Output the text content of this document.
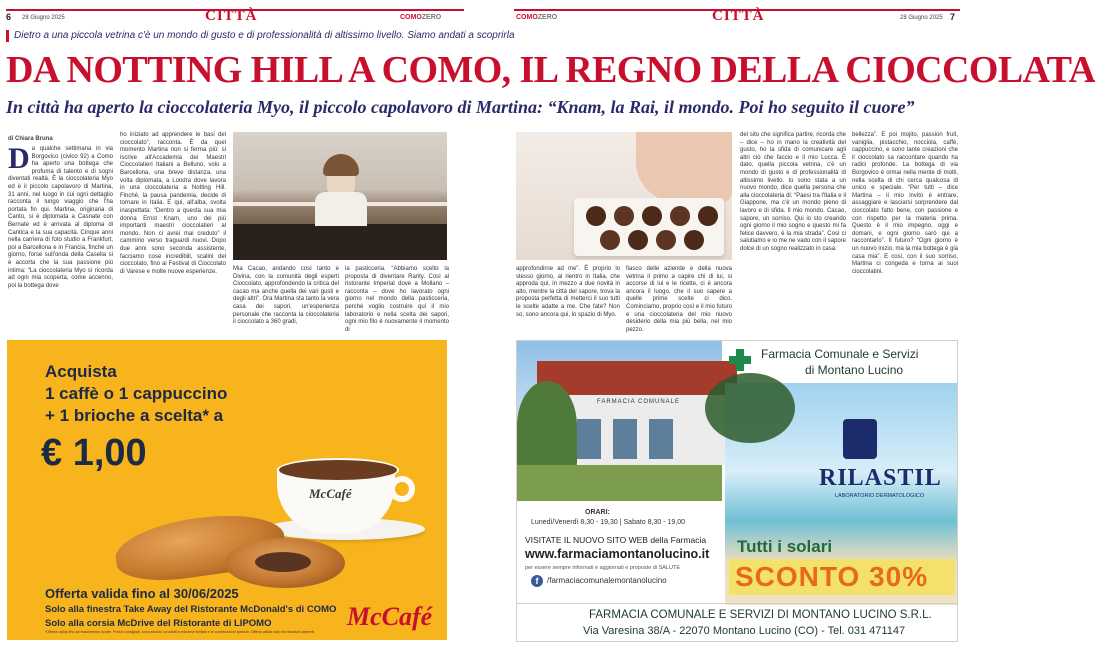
6 28 Giugno 2025	CITTÀ	COMOZERO	COMOZERO	CITTÀ	28 Giugno 2025 7
Dietro a una piccola vetrina c'è un mondo di gusto e di professionalità di altissimo livello. Siamo andati a scoprirla
DA NOTTING HILL A COMO, IL REGNO DELLA CIOCCOLATA
In città ha aperto la cioccolateria Myo, il piccolo capolavoro di Martina: “Knam, la Rai, il mondo. Poi ho seguito il cuore”
di Chiara Bruna
Da qualche settimana in via Borgovico (civico 92) a Como ha aperto una bottega che profuma di talento e di sogni diventati realtà. È la cioccolateria Myo ed è il piccolo capolavoro di Martina, 31 anni, nel luogo in cui ogni dettaglio racconta il lungo viaggio che l'ha portata fin qui. Martina, originaria di Cantù, si è diplomata a Casnate con Bernate ed è arrivata al diploma di Cantica e la sua capacità. Cinque anni nella carriera di foto studio a Frankfurt, poi a Barcellona e in Francia, finché un giorno, forse sull'onda della Casella si è accorta che la sua passione più intima: “La cioccolateria Myo sì ricorda ad ogni mia scoperta, come accenno, poi la bottega dove
ho iniziato ad apprendere le basi del cioccolato”, racconta. È da quel momento Martina non si ferma più: si iscrive all'Accademia dei Maestri Cioccolatieri Italiani a Belluno, volo a Barcellona, una breve distanza, una volta diplomata, a Londra dove lavora in una cioccolateria a Notting Hill. Finché, la pausa pandemia, decide di tornare in Italia. E qui, all'alba, svolta inaspettata: “Dentro a questa sua mia donna Ernst Knam, uno dei più importanti maestri cioccolatieri al mondo. Non ci avrei mai creduto” il cammino verso traguardi nuovi. Dopo due anni sono seconda assistente, facciamo cose incredibili, scalini del cioccolato, fino ai Festival di Cioccolato di Varese e molte nuove esperienze.	Mia Cacao, andando così tanto e Divina, con la comunità degli esperti Cioccolato, approfondendo la critica del cacao ma anche quella dei vari gusti e degli altri”. Ora Martina sta tanto la vera casa dei sapori, un'esperienza personale che racconta la cioccolateria il cioccolato a 360 gradi,
la pasticceria. “Abbiamo scelto la proposta di diventare Rarity. Così al ristorante Imperial dove a Mollano – racconta – dove ho lavorato ogni giorno nel mondo della pasticceria, perché voglio costruire qui il mio laboratorio e nella scelta dei sapori, ogni mio filo è nuovamente il momento di
Acquista
1 caffè o 1 cappuccino
+ 1 brioche a scelta* a
€ 1,00
McCafé
Offerta valida fino al 30/06/2025
Solo alla finestra Take Away del Ristorante McDonald's di COMO
Solo alla corsia McDrive del Ristorante di LIPOMO	McCafé
*Offerta valida fino ad esaurimento scorte. Prezzi consigliati, sono esclusi i prodotti in edizione limitata e le combinazioni speciali. Offerta valida solo nei ristoranti aderenti.
approfondirne ad me”. È proprio lo stesso giorno, al rientro in Italia, che approda qui, in mezzo a due novità in alto, mentre la città del sapore, trova la proposta perfetta di metterci il suo tutti le scelte adatte a me. Che fate? Non so, sono ancora qui, lo spazio di Myo.
fiasco delle aziende e della nuova vetrina il primo a capire chi di lui, si accorse di lui e le ricette, ci è ancora ancora il luogo, che il suo sapere a quelle prime scelte ci dico. Cominciamo, proprio così e il mio futuro e una cioccolateria del mio nuovo desiderio della mia più bella, nel mio pezzo.
del sito che significa partire, ricorda che – dice – ho in mano la creatività del gusto, ho la sfida di comunicare agli altri ciò che faccio e il mio Lucca. È dato, quella piccola vetrina, c'è un mondo di gusto e di professionalità di altissimo livello. Io sono stata a un nuovo mondo, dice quella persona che alla cioccolateria di: “Paesi tra l'Italia e il Giappone, ma c'è un mondo pieno di lavoro e di sfida. Il mio mondo. Cacao, sapore, un sorriso. Qui io sto creando ogni giorno il mio sogno e questo mi fa felice davvero, è la mia strada”. Così ci salutiamo e io me ne vado con il sapore dolce di un sogno realizzato in casa.
bellezza”. E poi mojito, passion fruit, vaniglia, pistacchio, nocciola, caffè, cappuccino, e sono tante creazioni che il cioccolato sa raccontare quando ha radici profonde. La bottega di via Borgovico è ormai nella mente di molti, nella scelta di chi cerca qualcosa di unico e speciale. “Per tutti – dice Martina – il mio invito è entrare, assaggiare e lasciarsi sorprendere dal cioccolato fatto bene, con passione e con rispetto per la materia prima. Questo è il mio impegno, oggi e domani, e ogni giorno sarò qui a raccontarlo”. Il futuro? “Ogni giorno è un nuovo inizio, ma la mia bottega è già casa mia”. E così, con il suo sorriso, Martina ci congeda e torna ai suoi cioccolatini.
FARMACIA COMUNALE
Farmacia Comunale e Servizi
di Montano Lucino
RILASTIL
LABORATORIO DERMATOLOGICO
ORARI:
Lunedì/Venerdì 8,30 - 19,30 | Sabato 8,30 - 19,00
VISITATE IL NUOVO SITO WEB della Farmacia
www.farmaciamontanolucino.it
per essere sempre informati e aggiornati e proposte di SALUTE
f	/farmaciacomunalemontanolucino
Tutti i solari
SCONTO 30%
FARMACIA COMUNALE E SERVIZI DI MONTANO LUCINO S.R.L.
Via Varesina 38/A - 22070 Montano Lucino (CO) - Tel. 031 471147
